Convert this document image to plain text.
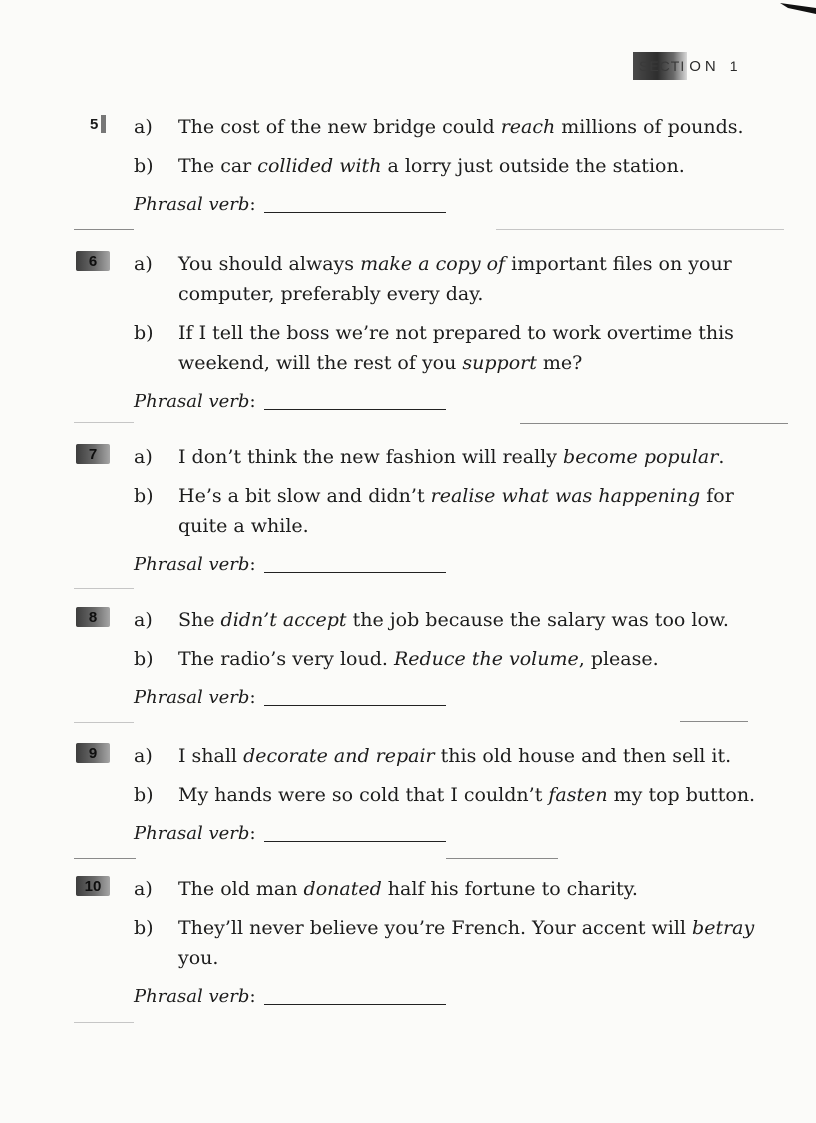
SECTI ON 1
5	a) The cost of the new bridge could reach millions of pounds.
b) The car collided with a lorry just outside the station.
Phrasal verb :
6	a) You should always make a copy of important files on your computer, preferably every day.
b) If I tell the boss we’re not prepared to work overtime this weekend, will the rest of you support me?
Phrasal verb :
7	a) I don’t think the new fashion will really become popular.
b) He’s a bit slow and didn’t realise what was happening for quite a while.
Phrasal verb :
8	a) She didn’t accept the job because the salary was too low.
b) The radio’s very loud. Reduce the volume, please.
Phrasal verb :
9	a) I shall decorate and repair this old house and then sell it.
b) My hands were so cold that I couldn’t fasten my top button.
Phrasal verb :
10	a) The old man donated half his fortune to charity.
b) They’ll never believe you’re French. Your accent will betray you.
Phrasal verb :
